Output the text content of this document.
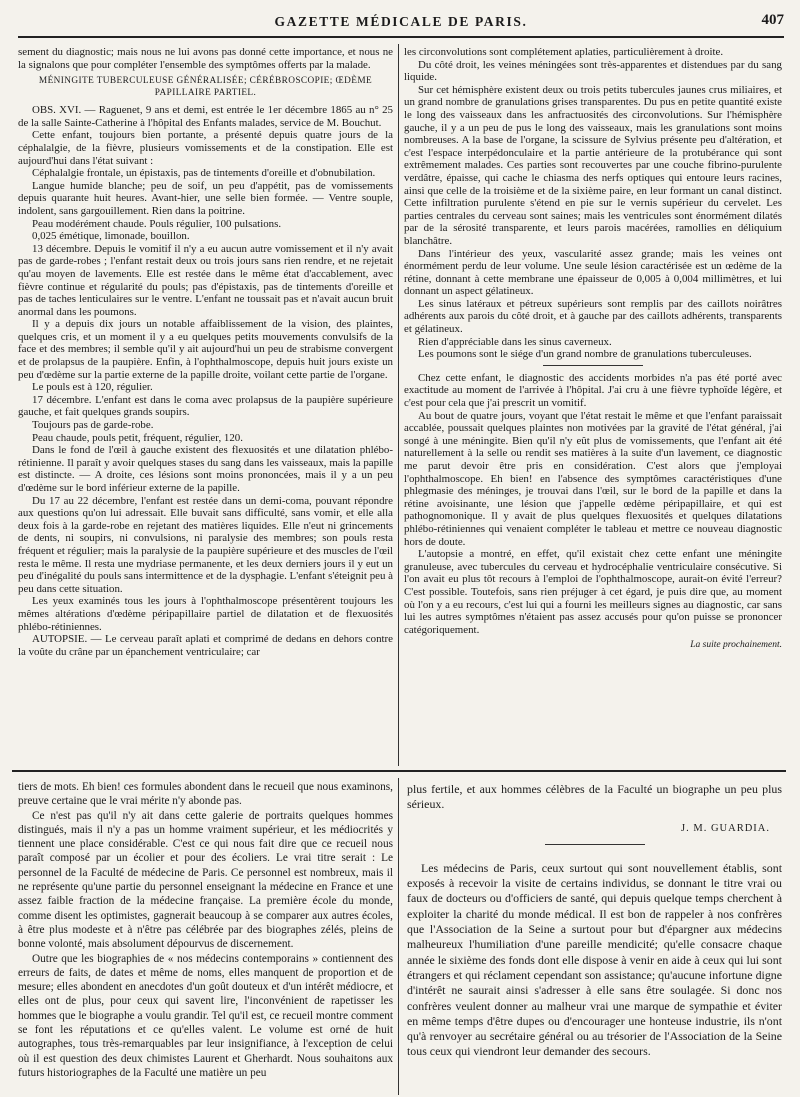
GAZETTE MÉDICALE DE PARIS.	407

sement du diagnostic; mais nous ne lui avons pas donné cette importance, et nous ne la signalons que pour compléter l'ensemble des symptômes offerts par la malade.

MÉNINGITE TUBERCULEUSE GÉNÉRALISÉE; CÉRÉBROSCOPIE; ŒDÈME PAPILLAIRE PARTIEL.

OBS. XVI. — Raguenet, 9 ans et demi, est entrée le 1er décembre 1865 au n° 25 de la salle Sainte-Catherine à l'hôpital des Enfants malades, service de M. Bouchut.

Cette enfant, toujours bien portante, a présenté depuis quatre jours de la céphalalgie, de la fièvre, plusieurs vomissements et de la constipation. Elle est aujourd'hui dans l'état suivant :

Céphalalgie frontale, un épistaxis, pas de tintements d'oreille et d'obnubilation.

Langue humide blanche; peu de soif, un peu d'appétit, pas de vomissements depuis quarante huit heures. Avant-hier, une selle bien formée. — Ventre souple, indolent, sans gargouillement. Rien dans la poitrine.

Peau modérément chaude. Pouls régulier, 100 pulsations.

0,025 émétique, limonade, bouillon.

13 décembre. Depuis le vomitif il n'y a eu aucun autre vomissement et il n'y avait pas de garde-robes ; l'enfant restait deux ou trois jours sans rien rendre, et ne rejetait qu'au moyen de lavements. Elle est restée dans le même état d'accablement, avec fièvre continue et régularité du pouls; pas d'épistaxis, pas de tintements d'oreille et pas de taches lenticulaires sur le ventre. L'enfant ne toussait pas et n'avait aucun bruit anormal dans les poumons.

Il y a depuis dix jours un notable affaiblissement de la vision, des plaintes, quelques cris, et un moment il y a eu quelques petits mouvements convulsifs de la face et des membres; il semble qu'il y ait aujourd'hui un peu de strabisme convergent et de prolapsus de la paupière. Enfin, à l'ophthalmoscope, depuis huit jours existe un peu d'œdème sur la partie externe de la papille droite, voilant cette partie de l'organe.

Le pouls est à 120, régulier.

17 décembre. L'enfant est dans le coma avec prolapsus de la paupière supérieure gauche, et fait quelques grands soupirs.

Toujours pas de garde-robe.

Peau chaude, pouls petit, fréquent, régulier, 120.

Dans le fond de l'œil à gauche existent des flexuosités et une dilatation phlébo-rétinienne. Il paraît y avoir quelques stases du sang dans les vaisseaux, mais la papille est distincte. — A droite, ces lésions sont moins prononcées, mais il y a un peu d'œdème sur le bord inférieur externe de la papille.

Du 17 au 22 décembre, l'enfant est restée dans un demi-coma, pouvant répondre aux questions qu'on lui adressait. Elle buvait sans difficulté, sans vomir, et elle alla deux fois à la garde-robe en rejetant des matières liquides. Elle n'eut ni grincements de dents, ni soupirs, ni convulsions, ni paralysie des membres; son pouls resta fréquent et régulier; mais la paralysie de la paupière supérieure et des muscles de l'œil resta le même. Il resta une mydriase permanente, et les deux derniers jours il y eut un peu d'inégalité du pouls sans intermittence et de la dysphagie. L'enfant s'éteignit peu à peu dans cette situation.

Les yeux examinés tous les jours à l'ophthalmoscope présentèrent toujours les mêmes altérations d'œdème péripapillaire partiel de dilatation et de flexuosités phlébo-rétiniennes.

AUTOPSIE. — Le cerveau paraît aplati et comprimé de dedans en dehors contre la voûte du crâne par un épanchement ventriculaire; car

les circonvolutions sont complétement aplaties, particulièrement à droite.

Du côté droit, les veines méningées sont très-apparentes et distendues par du sang liquide.

Sur cet hémisphère existent deux ou trois petits tubercules jaunes crus miliaires, et un grand nombre de granulations grises transparentes. Du pus en petite quantité existe le long des vaisseaux dans les anfractuosités des circonvolutions. Sur l'hémisphère gauche, il y a un peu de pus le long des vaisseaux, mais les granulations sont moins nombreuses. A la base de l'organe, la scissure de Sylvius présente peu d'altération, et c'est l'espace interpédonculaire et la partie antérieure de la protubérance qui sont extrêmement malades. Ces parties sont recouvertes par une couche fibrino-purulente verdâtre, épaisse, qui cache le chiasma des nerfs optiques qui entoure leurs racines, ainsi que celle de la troisième et de la sixième paire, en leur formant un canal distinct. Cette infiltration purulente s'étend en pie sur le vernis supérieur du cervelet. Les parties centrales du cerveau sont saines; mais les ventricules sont énormément dilatés par de la sérosité transparente, et leurs parois macérées, ramollies en déliquium blanchâtre.

Dans l'intérieur des yeux, vascularité assez grande; mais les veines ont énormément perdu de leur volume. Une seule lésion caractérisée est un œdème de la rétine, donnant à cette membrane une épaisseur de 0,005 à 0,004 millimètres, et lui donnant un aspect gélatineux.

Les sinus latéraux et pétreux supérieurs sont remplis par des caillots noirâtres adhérents aux parois du côté droit, et à gauche par des caillots adhérents, transparents et gélatineux.

Rien d'appréciable dans les sinus caverneux.

Les poumons sont le siége d'un grand nombre de granulations tuberculeuses.

Chez cette enfant, le diagnostic des accidents morbides n'a pas été porté avec exactitude au moment de l'arrivée à l'hôpital. J'ai cru à une fièvre typhoïde légère, et c'est pour cela que j'ai prescrit un vomitif.

Au bout de quatre jours, voyant que l'état restait le même et que l'enfant paraissait accablée, poussait quelques plaintes non motivées par la gravité de l'état général, j'ai songé à une méningite. Bien qu'il n'y eût plus de vomissements, que l'enfant ait été naturellement à la selle ou rendit ses matières à la suite d'un lavement, ce diagnostic me parut devoir être pris en considération. C'est alors que j'employai l'ophthalmoscope. Eh bien! en l'absence des symptômes caractéristiques d'une phlegmasie des méninges, je trouvai dans l'œil, sur le bord de la papille et dans la rétine avoisinante, une lésion que j'appelle œdème péripapillaire, et qui est pathognomonique. Il y avait de plus quelques flexuosités et quelques dilatations phlébo-rétiniennes qui venaient compléter le tableau et mettre ce nouveau diagnostic hors de doute.

L'autopsie a montré, en effet, qu'il existait chez cette enfant une méningite granuleuse, avec tubercules du cerveau et hydrocéphalie ventriculaire consécutive. Si l'on avait eu plus tôt recours à l'emploi de l'ophthalmoscope, aurait-on évité l'erreur? C'est possible. Toutefois, sans rien préjuger à cet égard, je puis dire que, au moment où l'on y a eu recours, c'est lui qui a fourni les meilleurs signes au diagnostic, car sans lui les autres symptômes n'étaient pas assez accusés pour qu'on puisse se prononcer catégoriquement.

La suite prochainement.

tiers de mots. Eh bien! ces formules abondent dans le recueil que nous examinons, preuve certaine que le vrai mérite n'y abonde pas.

Ce n'est pas qu'il n'y ait dans cette galerie de portraits quelques hommes distingués, mais il n'y a pas un homme vraiment supérieur, et les médiocrités y tiennent une place considérable. C'est ce qui nous fait dire que ce recueil nous paraît composé par un écolier et pour des écoliers. Le vrai titre serait : Le personnel de la Faculté de médecine de Paris. Ce personnel est nombreux, mais il ne représente qu'une partie du personnel enseignant la médecine en France et une assez faible fraction de la médecine française. La première école du monde, comme disent les optimistes, gagnerait beaucoup à se comparer aux autres écoles, à être plus modeste et à n'être pas célébrée par des biographes zélés, pleins de bonne volonté, mais absolument dépourvus de discernement.

Outre que les biographies de « nos médecins contemporains » contiennent des erreurs de faits, de dates et même de noms, elles manquent de proportion et de mesure; elles abondent en anecdotes d'un goût douteux et d'un intérêt médiocre, et elles ont de plus, pour ceux qui savent lire, l'inconvénient de rapetisser les hommes que le biographe a voulu grandir. Tel qu'il est, ce recueil montre comment se font les réputations et ce qu'elles valent. Le volume est orné de huit autographes, tous très-remarquables par leur insignifiance, à l'exception de celui où il est question des deux chimistes Laurent et Gherhardt. Nous souhaitons aux futurs historiographes de la Faculté une matière un peu

plus fertile, et aux hommes célèbres de la Faculté un biographe un peu plus sérieux.

J. M. GUARDIA.

Les médecins de Paris, ceux surtout qui sont nouvellement établis, sont exposés à recevoir la visite de certains individus, se donnant le titre vrai ou faux de docteurs ou d'officiers de santé, qui depuis quelque temps cherchent à exploiter la charité du monde médical. Il est bon de rappeler à nos confrères que l'Association de la Seine a surtout pour but d'épargner aux médecins malheureux l'humiliation d'une pareille mendicité; qu'elle consacre chaque année le sixième des fonds dont elle dispose à venir en aide à ceux qui lui sont étrangers et qui réclament cependant son assistance; qu'aucune infortune digne d'intérêt ne saurait ainsi s'adresser à elle sans être soulagée. Si donc nos confrères veulent donner au malheur vrai une marque de sympathie et éviter en même temps d'être dupes ou d'encourager une honteuse industrie, ils n'ont qu'à renvoyer au secrétaire général ou au trésorier de l'Association de la Seine tous ceux qui viendront leur demander des secours.
